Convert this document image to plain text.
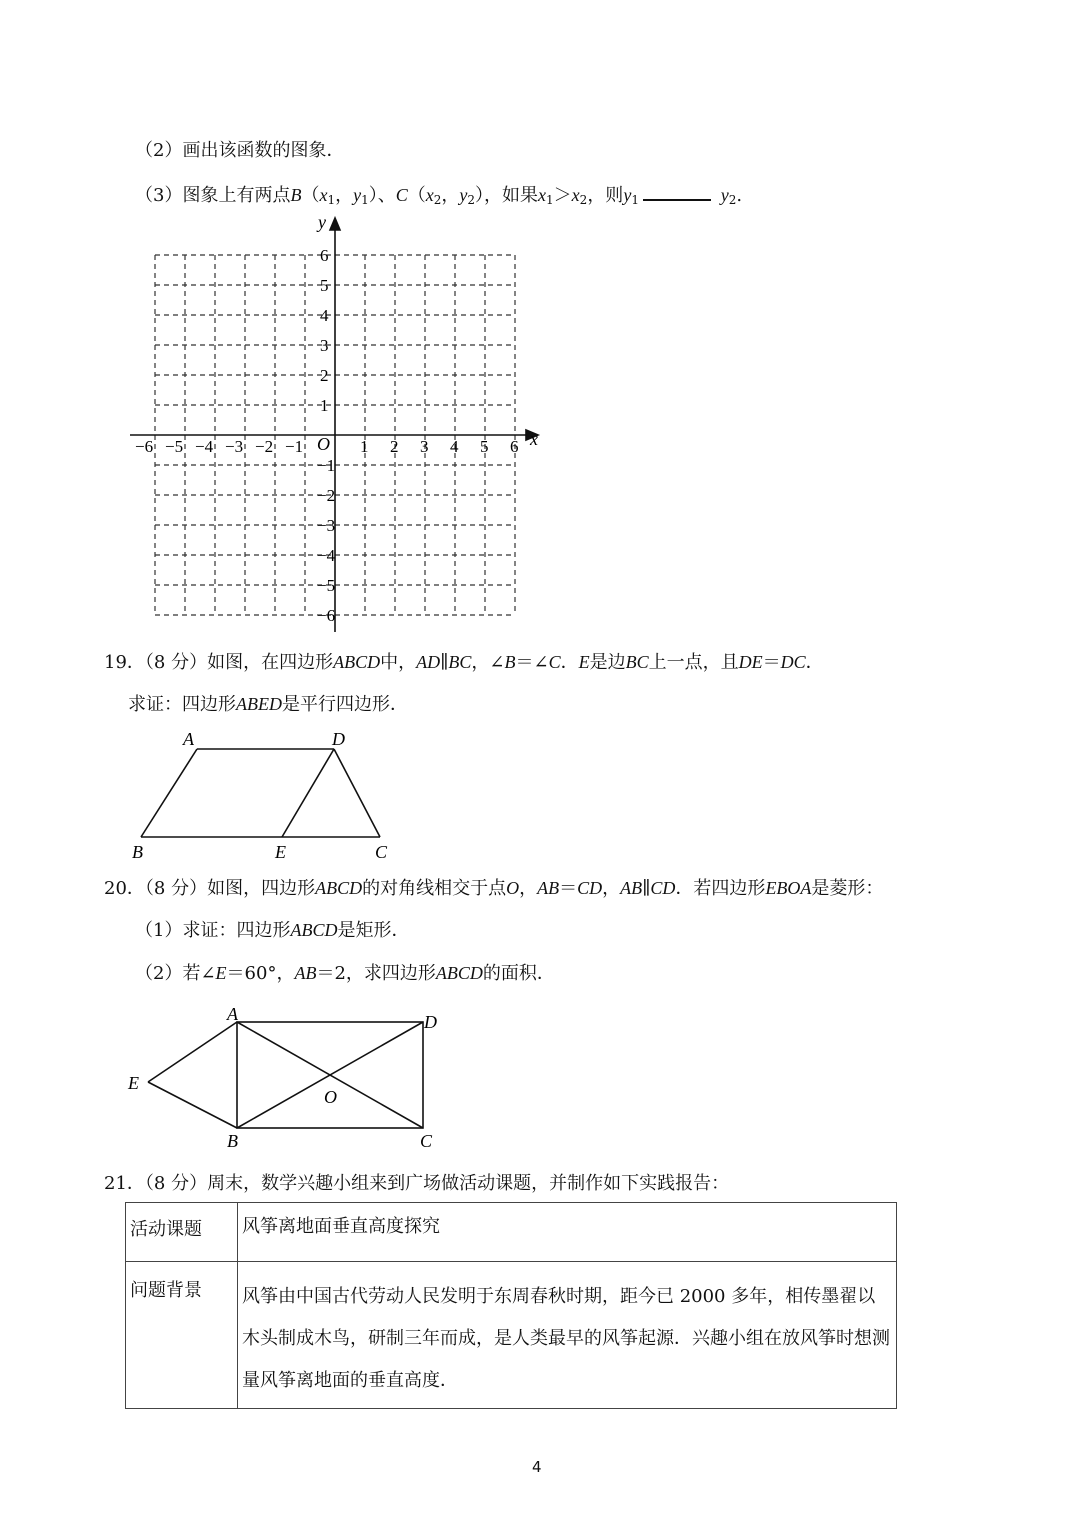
（2）画出该函数的图象．
（3）图象上有两点$B(x_1$，$y_1$）、$C(x_2$，$y_2$），如果$x_1>x_2$，则$y_1$	$y_2$.
x
y
O
−6 −5 −4 −3 −2 −1	1 2 3 4 5 6
6
5
4
3
2
1
−1
−2
−3
−4
−5
−6
19．（8 分）如图，在四边形ABCD中，AD∥BC，∠B＝∠C．E是边BC上一点，且DE＝DC．
求证：四边形ABED是平行四边形．
A	D
B	E	C
20．（8 分）如图，四边形ABCD的对角线相交于点O，AB＝CD，AB∥CD．若四边形EBOA是菱形：
（1）求证：四边形ABCD是矩形．
（2）若∠E＝60°，AB＝2，求四边形ABCD的面积．
A	D
E
O
B	C
21．（8 分）周末，数学兴趣小组来到广场做活动课题，并制作如下实践报告：
活动课题	风筝离地面垂直高度探究
问题背景	风筝由中国古代劳动人民发明于东周春秋时期，距今已 2000 多年，相传墨翟以木头制成木鸟，研制三年而成，是人类最早的风筝起源．兴趣小组在放风筝时想测量风筝离地面的垂直高度．
4
